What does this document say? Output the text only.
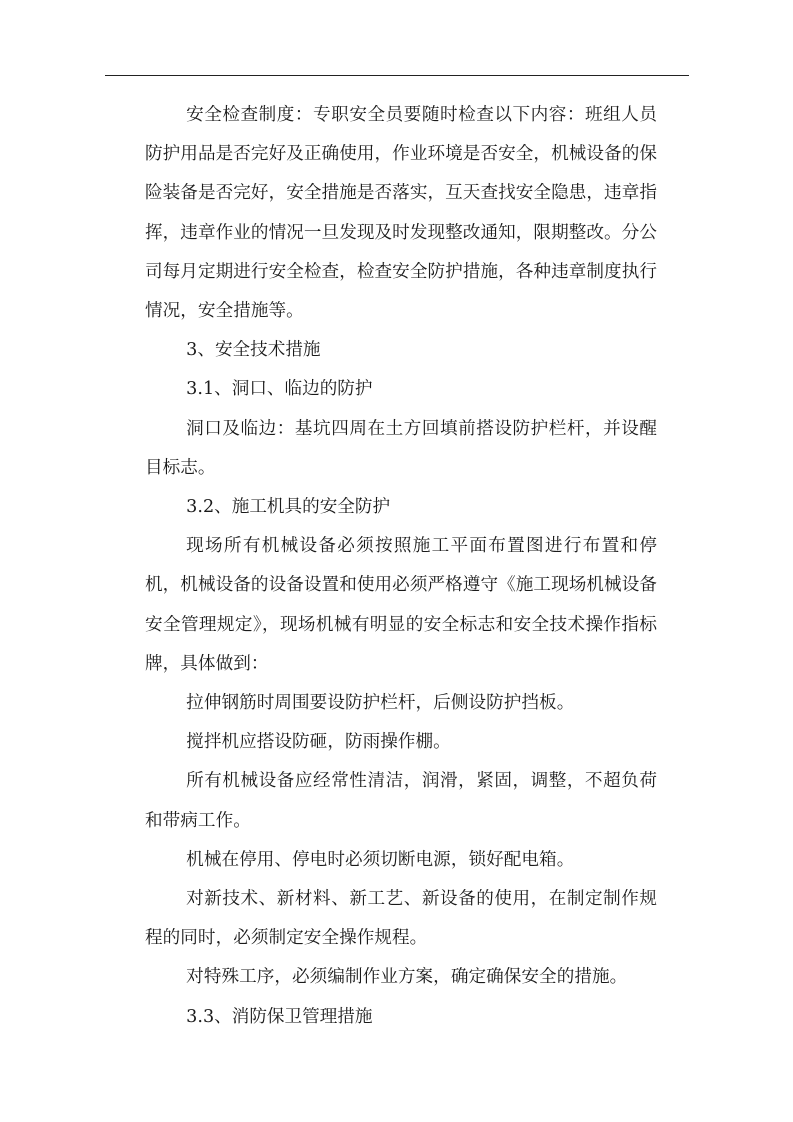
安全检查制度：专职安全员要随时检查以下内容：班组人员防护用品是否完好及正确使用，作业环境是否安全，机械设备的保险装备是否完好，安全措施是否落实，互天查找安全隐患，违章指挥，违章作业的情况一旦发现及时发现整改通知，限期整改。分公司每月定期进行安全检查，检查安全防护措施，各种违章制度执行情况，安全措施等。

3、安全技术措施

3.1、洞口、临边的防护

洞口及临边：基坑四周在土方回填前搭设防护栏杆，并设醒目标志。

3.2、施工机具的安全防护

现场所有机械设备必须按照施工平面布置图进行布置和停机，机械设备的设备设置和使用必须严格遵守《施工现场机械设备安全管理规定》，现场机械有明显的安全标志和安全技术操作指标牌，具体做到：

拉伸钢筋时周围要设防护栏杆，后侧设防护挡板。

搅拌机应搭设防砸，防雨操作棚。

所有机械设备应经常性清洁，润滑，紧固，调整，不超负荷和带病工作。

机械在停用、停电时必须切断电源，锁好配电箱。

对新技术、新材料、新工艺、新设备的使用，在制定制作规程的同时，必须制定安全操作规程。

对特殊工序，必须编制作业方案，确定确保安全的措施。

3.3、消防保卫管理措施
